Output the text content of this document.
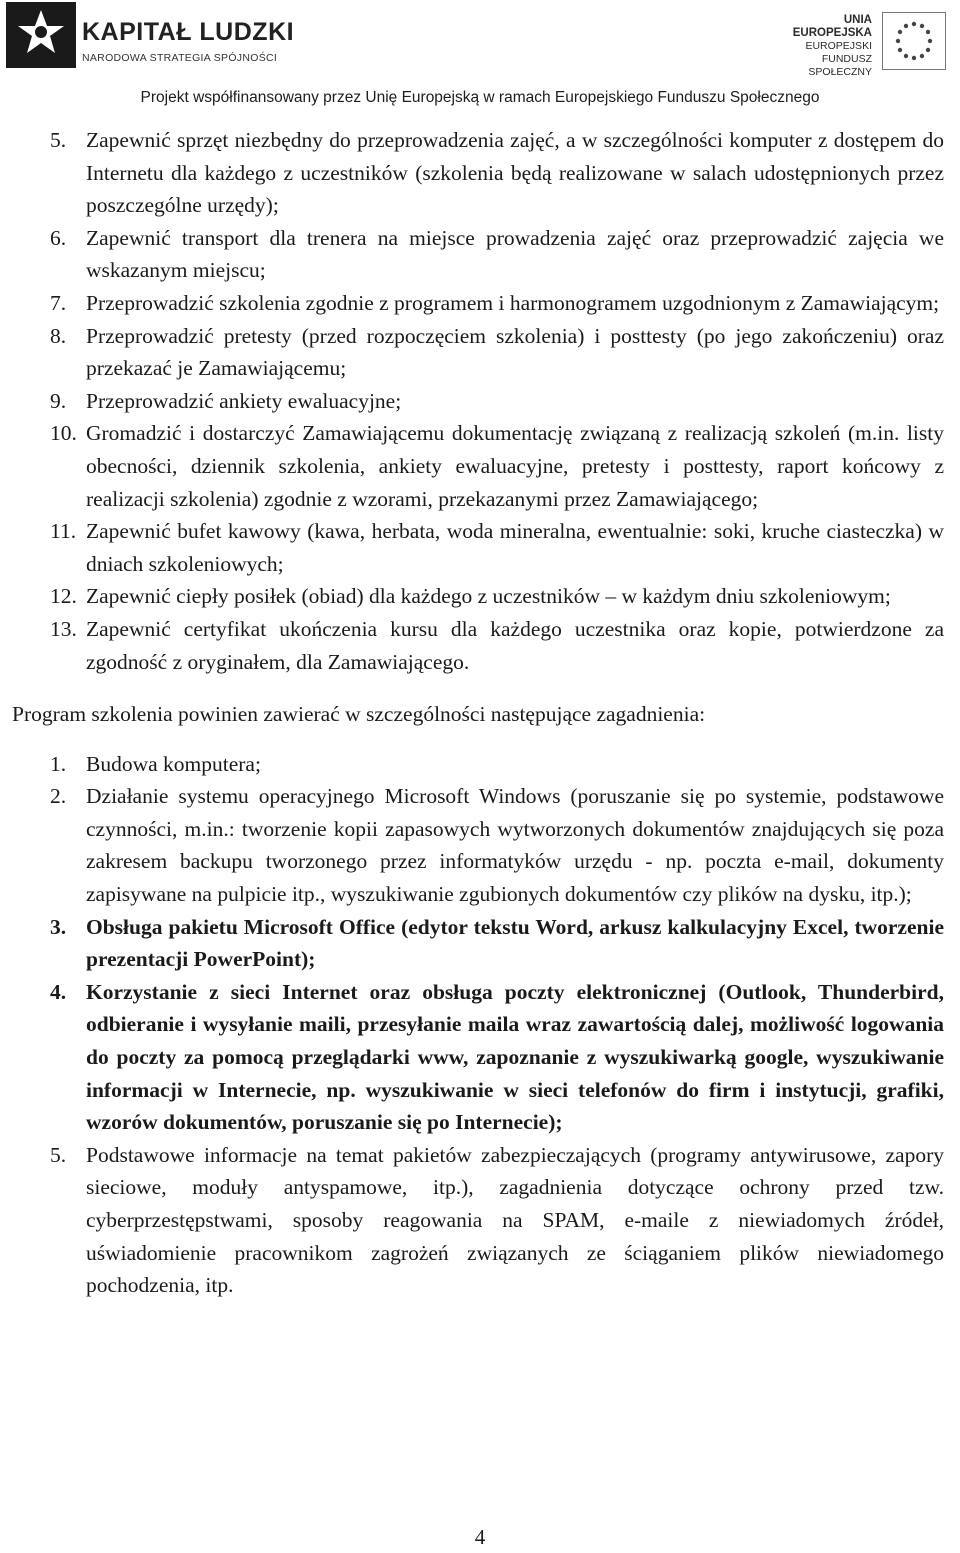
KAPITAŁ LUDZKI
NARODOWA STRATEGIA SPÓJNOŚCI
UNIA EUROPEJSKA
EUROPEJSKI
FUNDUSZ SPOŁECZNY
Projekt współfinansowany przez Unię Europejską w ramach Europejskiego Funduszu Społecznego
5. Zapewnić sprzęt niezbędny do przeprowadzenia zajęć, a w szczególności komputer z dostępem do Internetu dla każdego z uczestników (szkolenia będą realizowane w salach udostępnionych przez poszczególne urzędy);
6. Zapewnić transport dla trenera na miejsce prowadzenia zajęć oraz przeprowadzić zajęcia we wskazanym miejscu;
7. Przeprowadzić szkolenia zgodnie z programem i harmonogramem uzgodnionym z Zamawiającym;
8. Przeprowadzić pretesty (przed rozpoczęciem szkolenia) i posttesty (po jego zakończeniu) oraz przekazać je Zamawiającemu;
9. Przeprowadzić ankiety ewaluacyjne;
10. Gromadzić i dostarczyć Zamawiającemu dokumentację związaną z realizacją szkoleń (m.in. listy obecności, dziennik szkolenia, ankiety ewaluacyjne, pretesty i posttesty, raport końcowy z realizacji szkolenia) zgodnie z wzorami, przekazanymi przez Zamawiającego;
11. Zapewnić bufet kawowy (kawa, herbata, woda mineralna, ewentualnie: soki, kruche ciasteczka) w dniach szkoleniowych;
12. Zapewnić ciepły posiłek (obiad) dla każdego z uczestników – w każdym dniu szkoleniowym;
13. Zapewnić certyfikat ukończenia kursu dla każdego uczestnika oraz kopie, potwierdzone za zgodność z oryginałem, dla Zamawiającego.
Program szkolenia powinien zawierać w szczególności następujące zagadnienia:
1. Budowa komputera;
2. Działanie systemu operacyjnego Microsoft Windows (poruszanie się po systemie, podstawowe czynności, m.in.: tworzenie kopii zapasowych wytworzonych dokumentów znajdujących się poza zakresem backupu tworzonego przez informatyków urzędu - np. poczta e-mail, dokumenty zapisywane na pulpicie itp., wyszukiwanie zgubionych dokumentów czy plików na dysku, itp.);
3. Obsługa pakietu Microsoft Office (edytor tekstu Word, arkusz kalkulacyjny Excel, tworzenie prezentacji PowerPoint);
4. Korzystanie z sieci Internet oraz obsługa poczty elektronicznej (Outlook, Thunderbird, odbieranie i wysyłanie maili, przesyłanie maila wraz zawartością dalej, możliwość logowania do poczty za pomocą przeglądarki www, zapoznanie z wyszukiwarką google, wyszukiwanie informacji w Internecie, np. wyszukiwanie w sieci telefonów do firm i instytucji, grafiki, wzorów dokumentów, poruszanie się po Internecie);
5. Podstawowe informacje na temat pakietów zabezpieczających (programy antywirusowe, zapory sieciowe, moduły antyspamowe, itp.), zagadnienia dotyczące ochrony przed tzw. cyberprzestępstwami, sposoby reagowania na SPAM, e-maile z niewiadomych źródeł, uświadomienie pracownikom zagrożeń związanych ze ściąganiem plików niewiadomego pochodzenia, itp.
4
